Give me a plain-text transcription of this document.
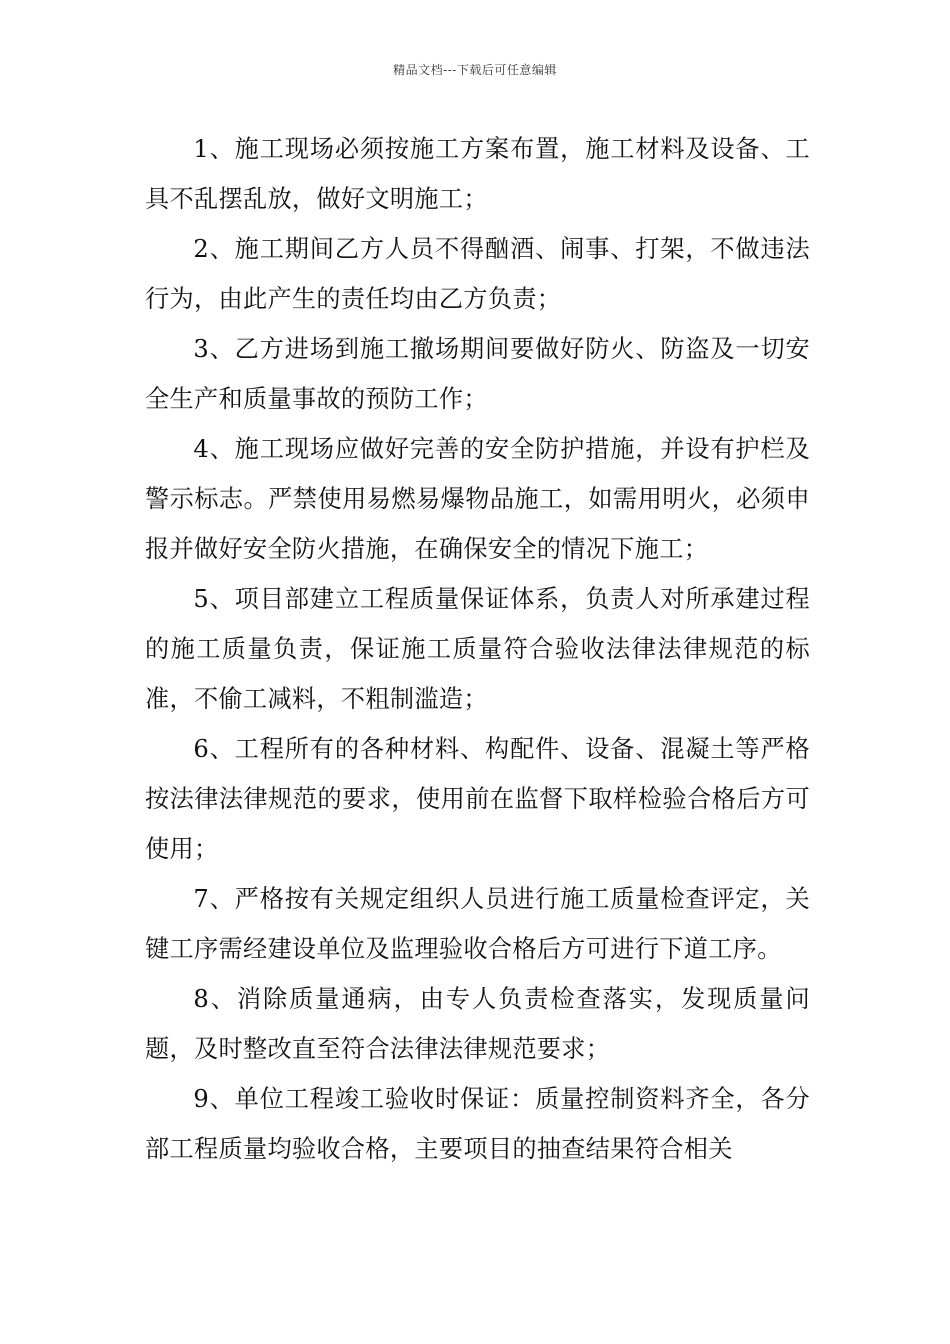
精品文档---下载后可任意编辑

1、施工现场必须按施工方案布置，施工材料及设备、工具不乱摆乱放，做好文明施工；

2、施工期间乙方人员不得酗酒、闹事、打架，不做违法行为，由此产生的责任均由乙方负责；

3、乙方进场到施工撤场期间要做好防火、防盗及一切安全生产和质量事故的预防工作；

4、施工现场应做好完善的安全防护措施，并设有护栏及警示标志。严禁使用易燃易爆物品施工，如需用明火，必须申报并做好安全防火措施，在确保安全的情况下施工；

5、项目部建立工程质量保证体系，负责人对所承建过程的施工质量负责，保证施工质量符合验收法律法律规范的标准，不偷工减料，不粗制滥造；

6、工程所有的各种材料、构配件、设备、混凝土等严格按法律法律规范的要求，使用前在监督下取样检验合格后方可使用；

7、严格按有关规定组织人员进行施工质量检查评定，关键工序需经建设单位及监理验收合格后方可进行下道工序。

8、消除质量通病，由专人负责检查落实，发现质量问题，及时整改直至符合法律法律规范要求；

9、单位工程竣工验收时保证：质量控制资料齐全，各分部工程质量均验收合格，主要项目的抽查结果符合相关
